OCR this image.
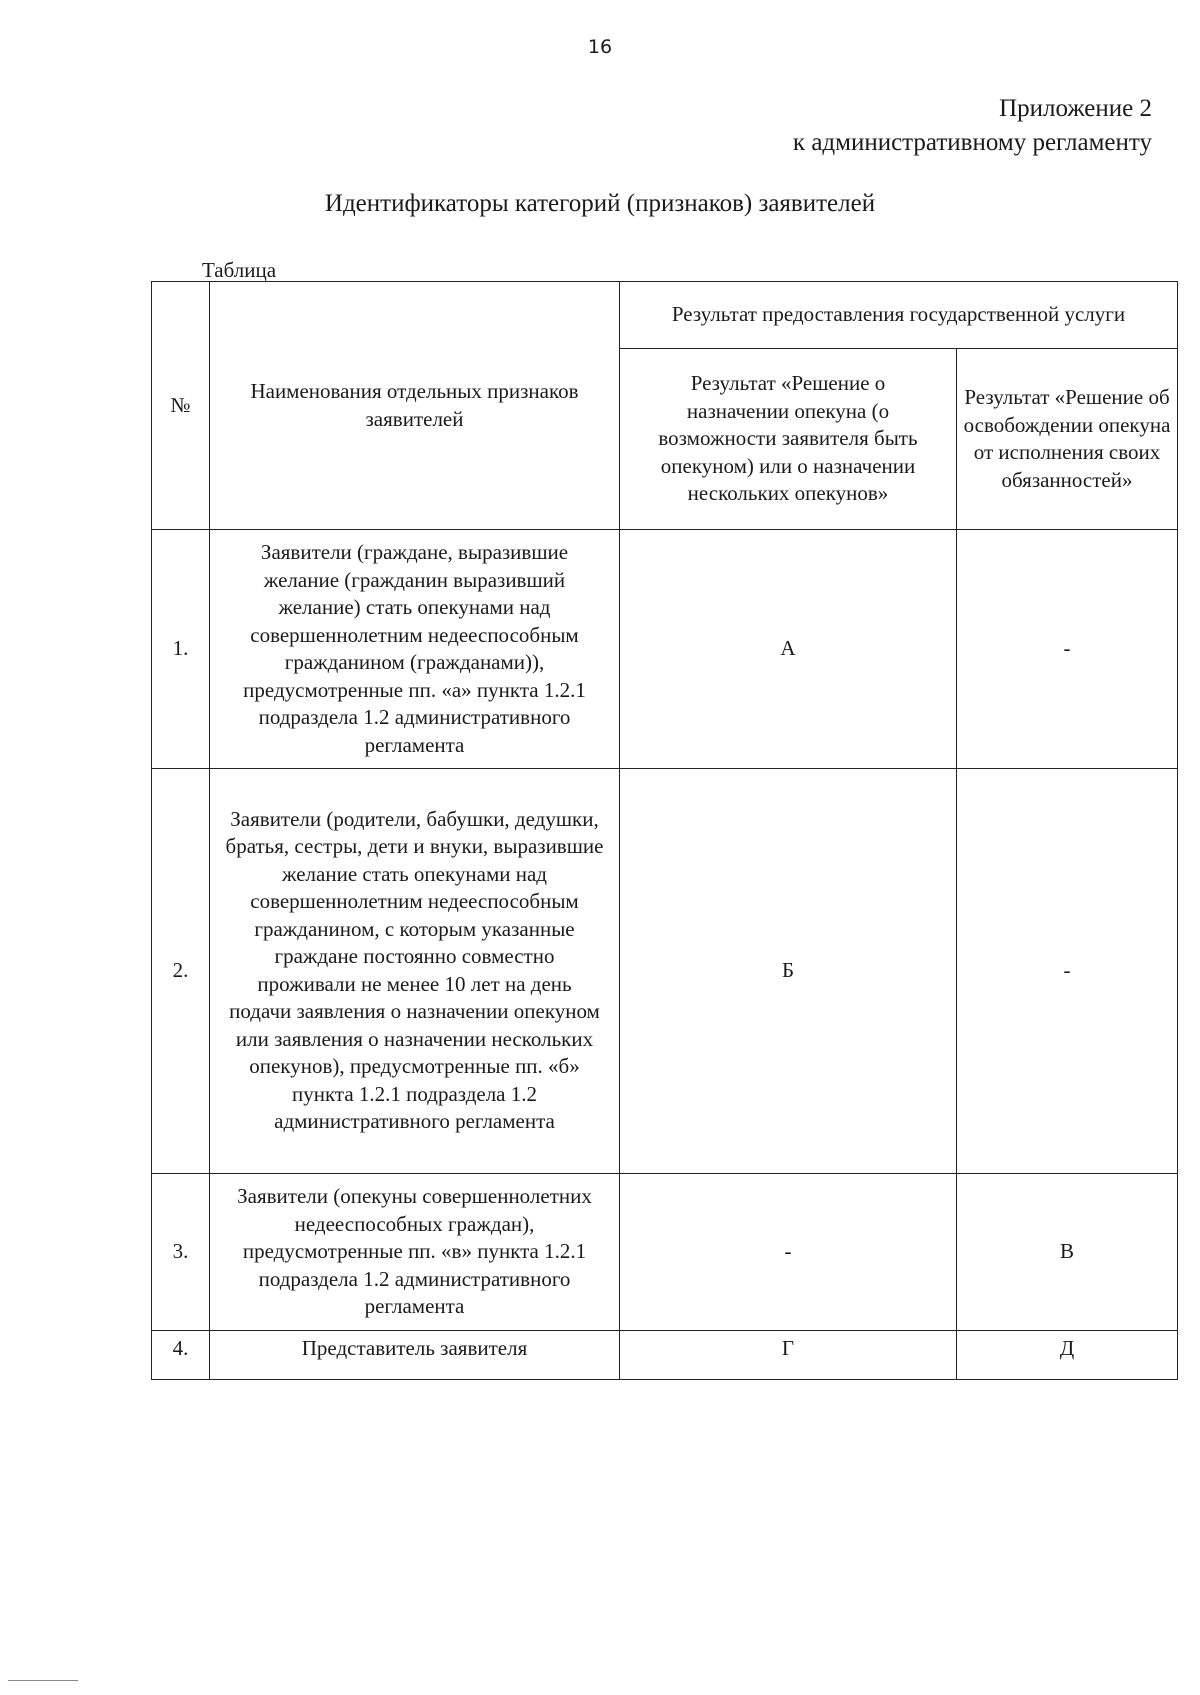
16
Приложение 2
к административному регламенту
Идентификаторы категорий (признаков) заявителей
Таблица
№	Наименования отдельных признаков заявителей	Результат предоставления государственной услуги	
		Результат «Решение о назначении опекуна (о возможности заявителя быть опекуном) или о назначении нескольких опекунов»	Результат «Решение об освобождении опекуна от исполнения своих обязанностей»
1.	Заявители (граждане, выразившие желание (гражданин выразивший желание) стать опекунами над совершеннолетним недееспособным гражданином (гражданами)), предусмотренные пп. «а» пункта 1.2.1 подраздела 1.2 административного регламента	А	-
2.	Заявители (родители, бабушки, дедушки, братья, сестры, дети и внуки, выразившие желание стать опекунами над совершеннолетним недееспособным гражданином, с которым указанные граждане постоянно совместно проживали не менее 10 лет на день подачи заявления о назначении опекуном или заявления о назначении нескольких опекунов), предусмотренные пп. «б» пункта 1.2.1 подраздела 1.2 административного регламента	Б	-
3.	Заявители (опекуны совершеннолетних недееспособных граждан), предусмотренные пп. «в» пункта 1.2.1 подраздела 1.2 административного регламента	-	В
4.	Представитель заявителя	Г	Д
